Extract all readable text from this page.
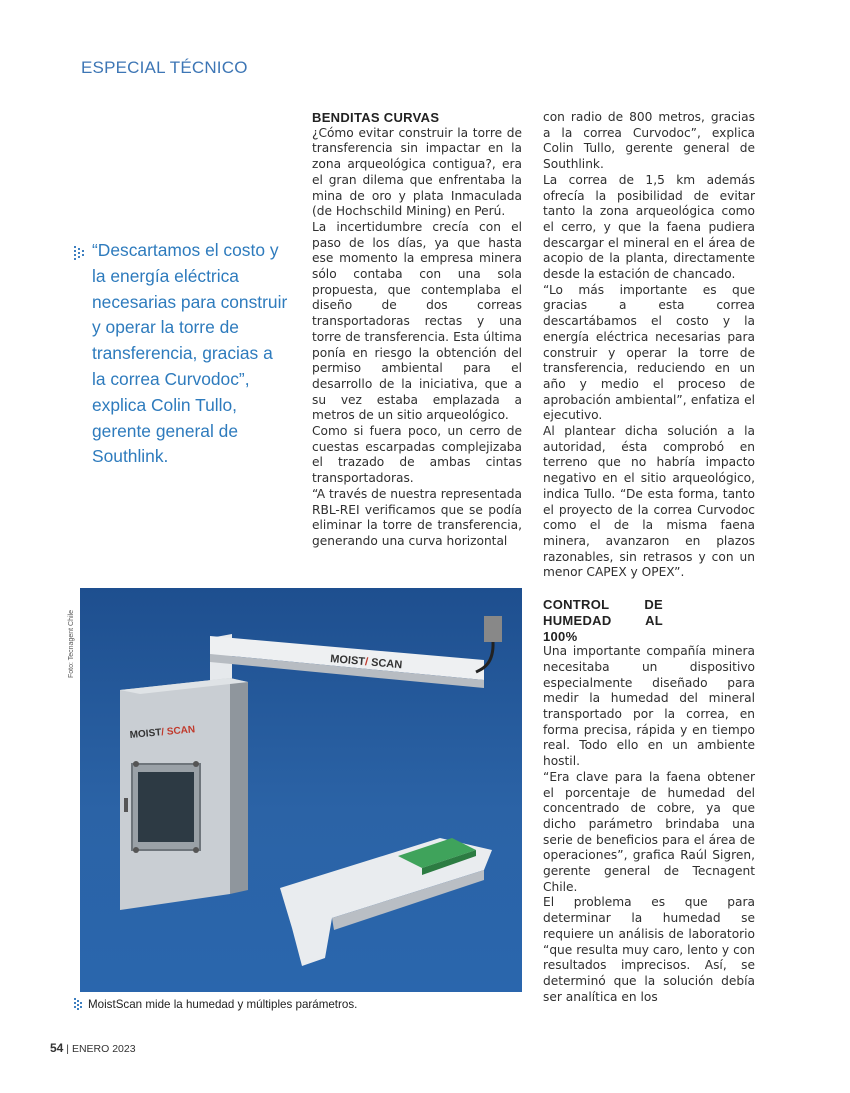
ESPECIAL TÉCNICO
“Descartamos el costo y la energía eléctrica necesarias para construir y operar la torre de transferencia, gracias a la correa Curvodoc”, explica Colin Tullo, gerente general de Southlink.
BENDITAS CURVAS

¿Cómo evitar construir la torre de transferencia sin impactar en la zona arqueológica contigua?, era el gran dilema que enfrentaba la mina de oro y plata Inmaculada (de Hochschild Mining) en Perú.

La incertidumbre crecía con el paso de los días, ya que hasta ese momento la empresa minera sólo contaba con una sola propuesta, que contemplaba el diseño de dos correas transportadoras rectas y una torre de transferencia. Esta última ponía en riesgo la obtención del permiso ambiental para el desarrollo de la iniciativa, que a su vez estaba emplazada a metros de un sitio arqueológico.

Como si fuera poco, un cerro de cuestas escarpadas complejizaba el trazado de ambas cintas transportadoras.

“A través de nuestra representada RBL-REI verificamos que se podía eliminar la torre de transferencia, generando una curva horizontal

con radio de 800 metros, gracias a la correa Curvodoc”, explica Colin Tullo, gerente general de Southlink.

La correa de 1,5 km además ofrecía la posibilidad de evitar tanto la zona arqueológica como el cerro, y que la faena pudiera descargar el mineral en el área de acopio de la planta, directamente desde la estación de chancado.

“Lo más importante es que gracias a esta correa descartábamos el costo y la energía eléctrica necesarias para construir y operar la torre de transferencia, reduciendo en un año y medio el proceso de aprobación ambiental”, enfatiza el ejecutivo.

Al plantear dicha solución a la autoridad, ésta comprobó en terreno que no habría impacto negativo en el sitio arqueológico, indica Tullo. “De esta forma, tanto el proyecto de la correa Curvodoc como el de la misma faena minera, avanzaron en plazos razonables, sin retrasos y con un menor CAPEX y OPEX”.

CONTROL DE HUMEDAD AL 100%

Una importante compañía minera necesitaba un dispositivo especialmente diseñado para medir la humedad del mineral transportado por la correa, en forma precisa, rápida y en tiempo real. Todo ello en un ambiente hostil.

“Era clave para la faena obtener el porcentaje de humedad del concentrado de cobre, ya que dicho parámetro brindaba una serie de beneficios para el área de operaciones”, grafica Raúl Sigren, gerente general de Tecnagent Chile.

El problema es que para determinar la humedad se requiere un análisis de laboratorio “que resulta muy caro, lento y con resultados imprecisos. Así, se determinó que la solución debía ser analítica en los

Foto: Tecnagent Chile	MOIST/ SCAN
MOIST/ SCAN
MoistScan mide la humedad y múltiples parámetros.
54 | ENERO 2023
